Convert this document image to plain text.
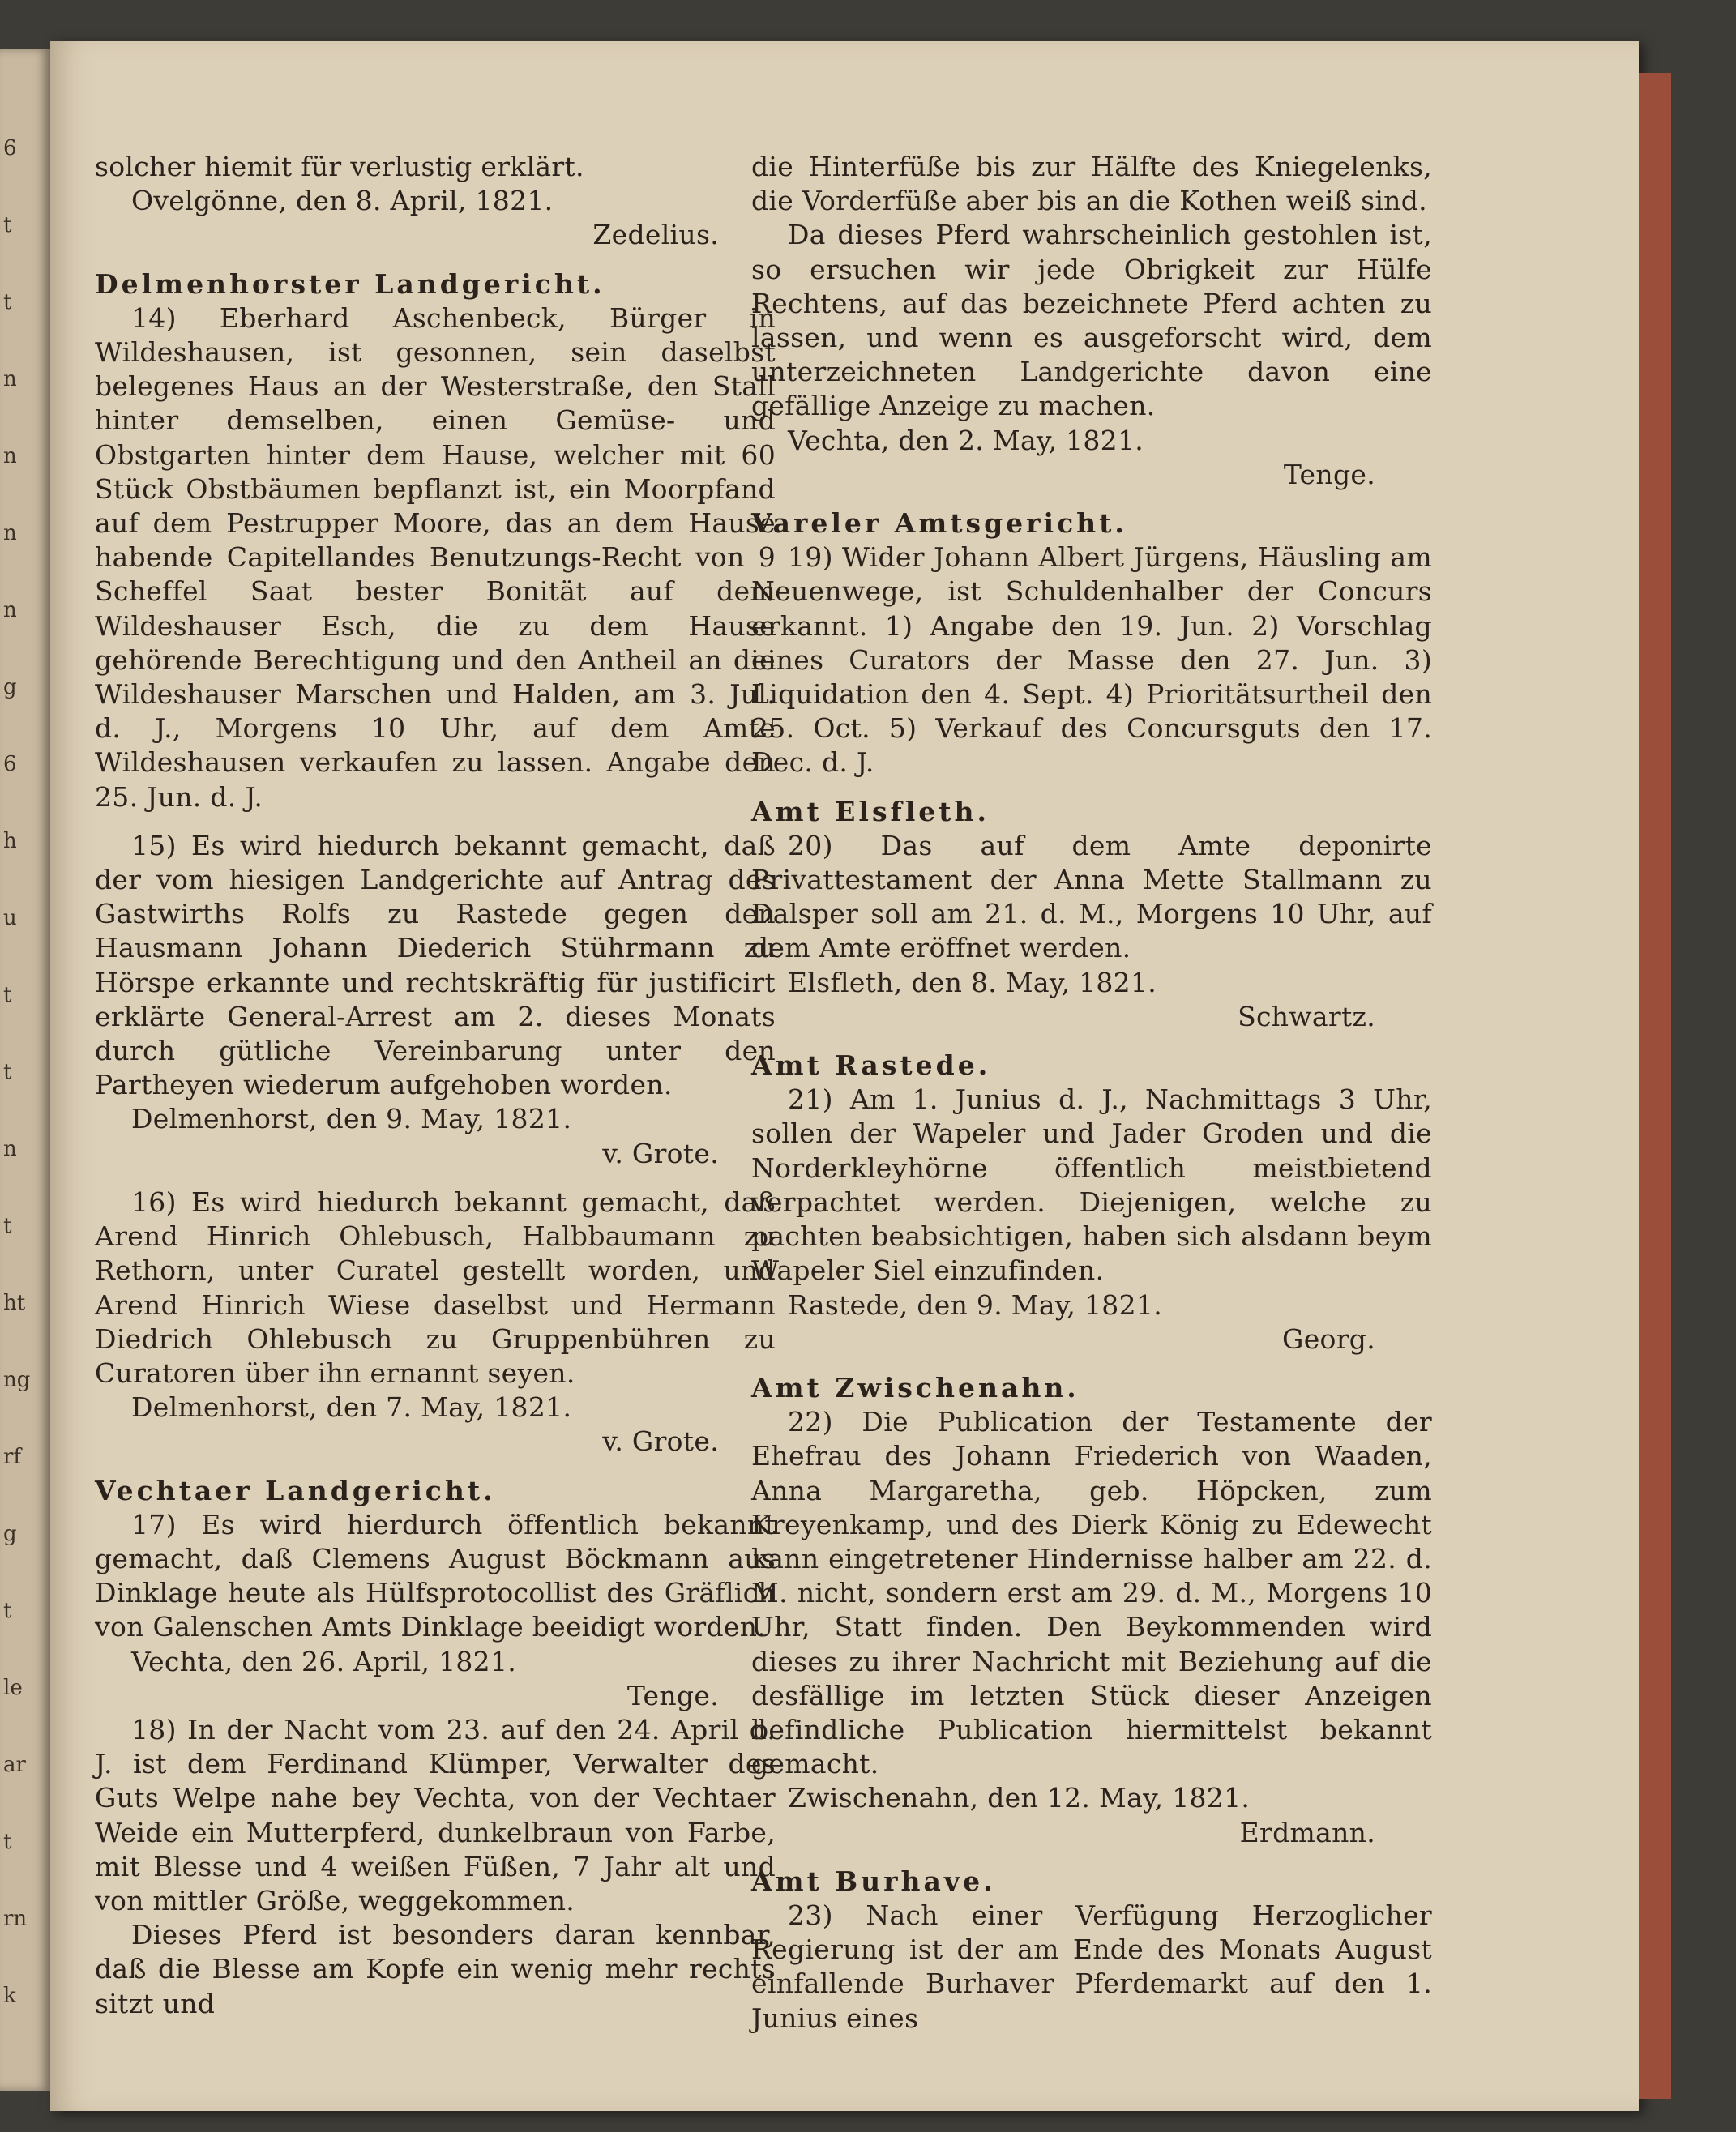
6
t
t
n
n
n
n
g
6
h
u
t
t
n
t
ht
ng
rf
g
t
le
ar
t
rn
k

solcher hiemit für verlustig erklärt.

Ovelgönne, den 8. April, 1821.

Zedelius.

Delmenhorster Landgericht.

14) Eberhard Aschenbeck, Bürger in Wildeshausen, ist gesonnen, sein daselbst belegenes Haus an der Westerstraße, den Stall hinter demselben, einen Gemüse- und Obstgarten hinter dem Hause, welcher mit 60 Stück Obstbäumen bepflanzt ist, ein Moorpfand auf dem Pestrupper Moore, das an dem Hause habende Capitellandes Benutzungs-Recht von 9 Scheffel Saat bester Bonität auf dem Wildeshauser Esch, die zu dem Hause gehörende Berechtigung und den Antheil an die Wildeshauser Marschen und Halden, am 3. Jul. d. J., Morgens 10 Uhr, auf dem Amte Wildeshausen verkaufen zu lassen. Angabe den 25. Jun. d. J.

15) Es wird hiedurch bekannt gemacht, daß der vom hiesigen Landgerichte auf Antrag des Gastwirths Rolfs zu Rastede gegen den Hausmann Johann Diederich Stührmann zu Hörspe erkannte und rechtskräftig für justificirt erklärte General-Arrest am 2. dieses Monats durch gütliche Vereinbarung unter den Partheyen wiederum aufgehoben worden.

Delmenhorst, den 9. May, 1821.

v. Grote.

16) Es wird hiedurch bekannt gemacht, daß Arend Hinrich Ohlebusch, Halbbaumann zu Rethorn, unter Curatel gestellt worden, und Arend Hinrich Wiese daselbst und Hermann Diedrich Ohlebusch zu Gruppenbühren zu Curatoren über ihn ernannt seyen.

Delmenhorst, den 7. May, 1821.

v. Grote.

Vechtaer Landgericht.

17) Es wird hierdurch öffentlich bekannt gemacht, daß Clemens August Böckmann aus Dinklage heute als Hülfsprotocollist des Gräflich von Galenschen Amts Dinklage beeidigt worden.

Vechta, den 26. April, 1821.

Tenge.

18) In der Nacht vom 23. auf den 24. April d. J. ist dem Ferdinand Klümper, Verwalter des Guts Welpe nahe bey Vechta, von der Vechtaer Weide ein Mutterpferd, dunkelbraun von Farbe, mit Blesse und 4 weißen Füßen, 7 Jahr alt und von mittler Größe, weggekommen.

Dieses Pferd ist besonders daran kennbar, daß die Blesse am Kopfe ein wenig mehr rechts sitzt und

die Hinterfüße bis zur Hälfte des Kniegelenks, die Vorderfüße aber bis an die Kothen weiß sind.

Da dieses Pferd wahrscheinlich gestohlen ist, so ersuchen wir jede Obrigkeit zur Hülfe Rechtens, auf das bezeichnete Pferd achten zu lassen, und wenn es ausgeforscht wird, dem unterzeichneten Landgerichte davon eine gefällige Anzeige zu machen.

Vechta, den 2. May, 1821.

Tenge.

Vareler Amtsgericht.

19) Wider Johann Albert Jürgens, Häusling am Neuenwege, ist Schuldenhalber der Concurs erkannt. 1) Angabe den 19. Jun. 2) Vorschlag eines Curators der Masse den 27. Jun. 3) Liquidation den 4. Sept. 4) Prioritätsurtheil den 25. Oct. 5) Verkauf des Concursguts den 17. Dec. d. J.

Amt Elsfleth.

20) Das auf dem Amte deponirte Privattestament der Anna Mette Stallmann zu Dalsper soll am 21. d. M., Morgens 10 Uhr, auf dem Amte eröffnet werden.

Elsfleth, den 8. May, 1821.

Schwartz.

Amt Rastede.

21) Am 1. Junius d. J., Nachmittags 3 Uhr, sollen der Wapeler und Jader Groden und die Norderkleyhörne öffentlich meistbietend verpachtet werden. Diejenigen, welche zu pachten beabsichtigen, haben sich alsdann beym Wapeler Siel einzufinden.

Rastede, den 9. May, 1821.

Georg.

Amt Zwischenahn.

22) Die Publication der Testamente der Ehefrau des Johann Friederich von Waaden, Anna Margaretha, geb. Höpcken, zum Kreyenkamp, und des Dierk König zu Edewecht kann eingetretener Hindernisse halber am 22. d. M. nicht, sondern erst am 29. d. M., Morgens 10 Uhr, Statt finden. Den Beykommenden wird dieses zu ihrer Nachricht mit Beziehung auf die desfällige im letzten Stück dieser Anzeigen befindliche Publication hiermittelst bekannt gemacht.

Zwischenahn, den 12. May, 1821.

Erdmann.

Amt Burhave.

23) Nach einer Verfügung Herzoglicher Regierung ist der am Ende des Monats August einfallende Burhaver Pferdemarkt auf den 1. Junius eines
